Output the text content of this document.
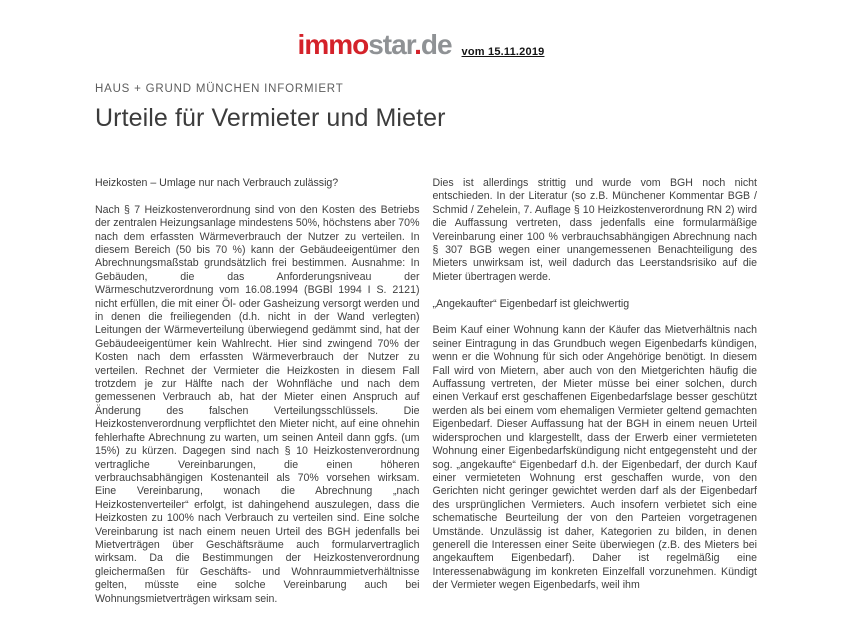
immostar.de vom 15.11.2019
HAUS + GRUND MÜNCHEN INFORMIERT
Urteile für Vermieter und Mieter

Heizkosten – Umlage nur nach Verbrauch zulässig?

Nach § 7 Heizkostenverordnung sind von den Kosten des Betriebs der zentralen Heizungsanlage mindestens 50%, höchstens aber 70% nach dem erfassten Wärmeverbrauch der Nutzer zu verteilen. In diesem Bereich (50 bis 70 %) kann der Gebäudeeigentümer den Abrechnungsmaßstab grundsätzlich frei bestimmen. Ausnahme: In Gebäuden, die das Anforderungsniveau der Wärmeschutzverordnung vom 16.08.1994 (BGBl 1994 I S. 2121) nicht erfüllen, die mit einer Öl- oder Gasheizung versorgt werden und in denen die freiliegenden (d.h. nicht in der Wand verlegten) Leitungen der Wärmeverteilung überwiegend gedämmt sind, hat der Gebäudeeigentümer kein Wahlrecht. Hier sind zwingend 70% der Kosten nach dem erfassten Wärmeverbrauch der Nutzer zu verteilen. Rechnet der Vermieter die Heizkosten in diesem Fall trotzdem je zur Hälfte nach der Wohnfläche und nach dem gemessenen Verbrauch ab, hat der Mieter einen Anspruch auf Änderung des falschen Verteilungsschlüssels. Die Heizkostenverordnung verpflichtet den Mieter nicht, auf eine ohnehin fehlerhafte Abrechnung zu warten, um seinen Anteil dann ggfs. (um 15%) zu kürzen. Dagegen sind nach § 10 Heizkostenverordnung vertragliche Vereinbarungen, die einen höheren verbrauchsabhängigen Kostenanteil als 70% vorsehen wirksam. Eine Vereinbarung, wonach die Abrechnung „nach Heizkostenverteiler“ erfolgt, ist dahingehend auszulegen, dass die Heizkosten zu 100% nach Verbrauch zu verteilen sind. Eine solche Vereinbarung ist nach einem neuen Urteil des BGH jedenfalls bei Mietverträgen über Geschäftsräume auch formularvertraglich wirksam. Da die Bestimmungen der Heizkostenverordnung gleichermaßen für Geschäfts- und Wohnraummietverhältnisse gelten, müsste eine solche Vereinbarung auch bei Wohnungsmietverträgen wirksam sein.

Dies ist allerdings strittig und wurde vom BGH noch nicht entschieden. In der Literatur (so z.B. Münchener Kommentar BGB / Schmid / Zehelein, 7. Auflage § 10 Heizkostenverordnung RN 2) wird die Auffassung vertreten, dass jedenfalls eine formularmäßige Vereinbarung einer 100 % verbrauchsabhängigen Abrechnung nach § 307 BGB wegen einer unangemessenen Benachteiligung des Mieters unwirksam ist, weil dadurch das Leerstandsrisiko auf die Mieter übertragen werde.

„Angekaufter“ Eigenbedarf ist gleichwertig

Beim Kauf einer Wohnung kann der Käufer das Mietverhältnis nach seiner Eintragung in das Grundbuch wegen Eigenbedarfs kündigen, wenn er die Wohnung für sich oder Angehörige benötigt. In diesem Fall wird von Mietern, aber auch von den Mietgerichten häufig die Auffassung vertreten, der Mieter müsse bei einer solchen, durch einen Verkauf erst geschaffenen Eigenbedarfslage besser geschützt werden als bei einem vom ehemaligen Vermieter geltend gemachten Eigenbedarf. Dieser Auffassung hat der BGH in einem neuen Urteil widersprochen und klargestellt, dass der Erwerb einer vermieteten Wohnung einer Eigenbedarfskündigung nicht entgegensteht und der sog. „angekaufte“ Eigenbedarf d.h. der Eigenbedarf, der durch Kauf einer vermieteten Wohnung erst geschaffen wurde, von den Gerichten nicht geringer gewichtet werden darf als der Eigenbedarf des ursprünglichen Vermieters. Auch insofern verbietet sich eine schematische Beurteilung der von den Parteien vorgetragenen Umstände. Unzulässig ist daher, Kategorien zu bilden, in denen generell die Interessen einer Seite überwiegen (z.B. des Mieters bei angekauftem Eigenbedarf). Daher ist regelmäßig eine Interessenabwägung im konkreten Einzelfall vorzunehmen. Kündigt der Vermieter wegen Eigenbedarfs, weil ihm
